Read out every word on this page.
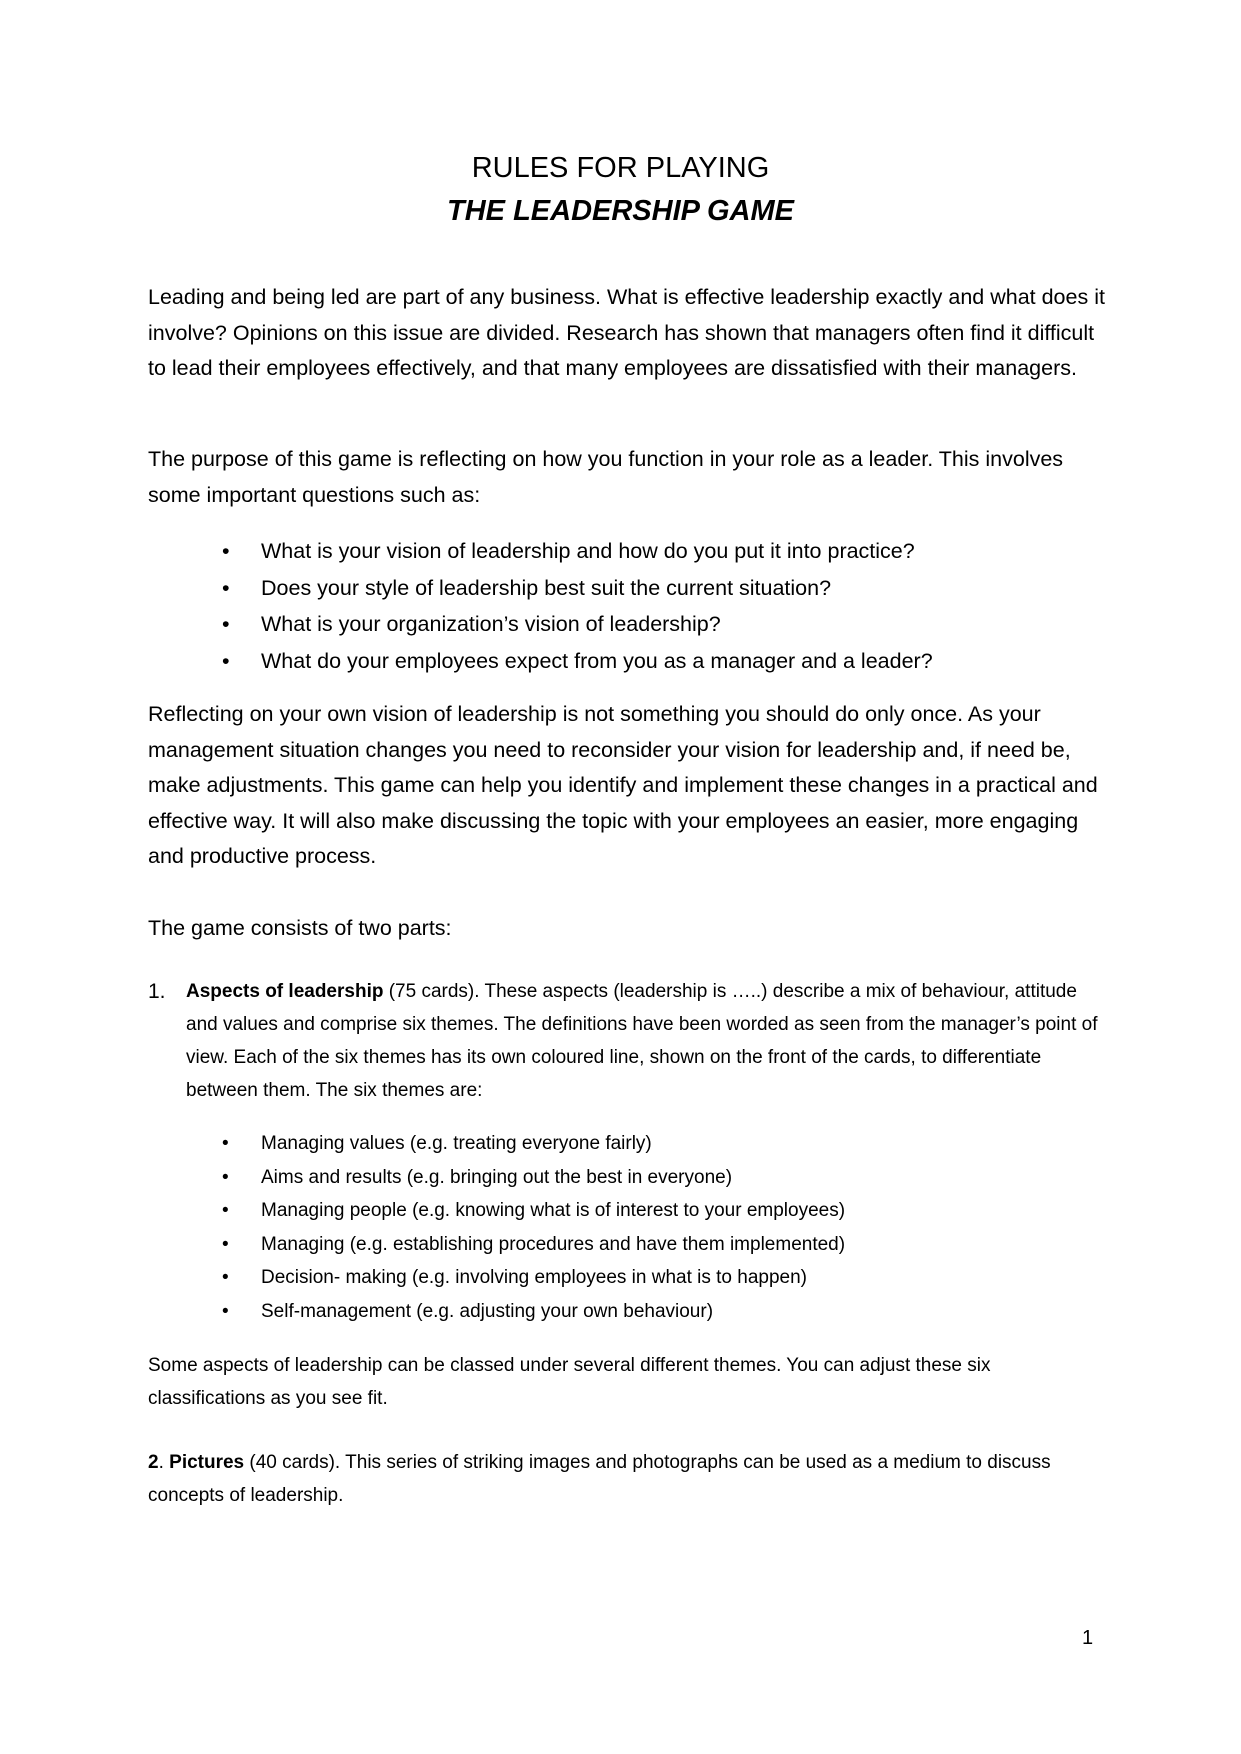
RULES FOR PLAYING
THE LEADERSHIP GAME
Leading and being led are part of any business. What is effective leadership exactly and what does it involve? Opinions on this issue are divided. Research has shown that managers often find it difficult to lead their employees effectively, and that many employees are dissatisfied with their managers.
The purpose of this game is reflecting on how you function in your role as a leader. This involves some important questions such as:
• What is your vision of leadership and how do you put it into practice?
• Does your style of leadership best suit the current situation?
• What is your organization’s vision of leadership?
• What do your employees expect from you as a manager and a leader?
Reflecting on your own vision of leadership is not something you should do only once. As your management situation changes you need to reconsider your vision for leadership and, if need be, make adjustments. This game can help you identify and implement these changes in a practical and effective way. It will also make discussing the topic with your employees an easier, more engaging and productive process.
The game consists of two parts:
1. Aspects of leadership (75 cards). These aspects (leadership is …..) describe a mix of behaviour, attitude and values and comprise six themes. The definitions have been worded as seen from the manager’s point of view. Each of the six themes has its own coloured line, shown on the front of the cards, to differentiate between them. The six themes are:
• Managing values (e.g. treating everyone fairly)
• Aims and results (e.g. bringing out the best in everyone)
• Managing people (e.g. knowing what is of interest to your employees)
• Managing (e.g. establishing procedures and have them implemented)
• Decision- making (e.g. involving employees in what is to happen)
• Self-management (e.g. adjusting your own behaviour)
Some aspects of leadership can be classed under several different themes. You can adjust these six classifications as you see fit.
2. Pictures (40 cards). This series of striking images and photographs can be used as a medium to discuss concepts of leadership.
1
